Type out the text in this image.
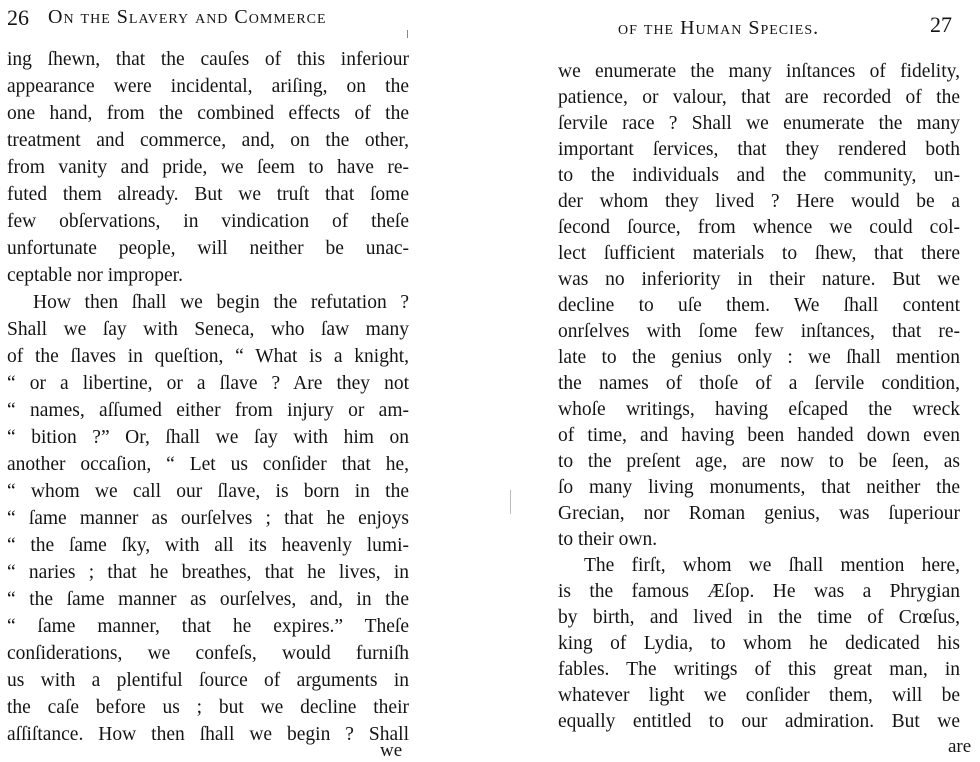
26 On the Slavery and Commerce
ing ſhewn, that the cauſes of this inferiour
appearance were incidental, ariſing, on the
one hand, from the combined effects of the
treatment and commerce, and, on the other,
from vanity and pride, we ſeem to have re-
futed them already. But we truſt that ſome
few obſervations, in vindication of theſe
unfortunate people, will neither be unac-
ceptable nor improper.
How then ſhall we begin the refutation ?
Shall we ſay with Seneca, who ſaw many
of the ſlaves in queſtion, “ What is a knight,
“ or a libertine, or a ſlave ? Are they not
“ names, aſſumed either from injury or am-
“ bition ?” Or, ſhall we ſay with him on
another occaſion, “ Let us conſider that he,
“ whom we call our ſlave, is born in the
“ ſame manner as ourſelves ; that he enjoys
“ the ſame ſky, with all its heavenly lumi-
“ naries ; that he breathes, that he lives, in
“ the ſame manner as ourſelves, and, in the
“ ſame manner, that he expires.” Theſe
conſiderations, we confeſs, would furniſh
us with a plentiful ſource of arguments in
the caſe before us ; but we decline their
aſſiſtance. How then ſhall we begin ? Shall
we
of the Human Species.	27
we enumerate the many inſtances of fidelity,
patience, or valour, that are recorded of the
ſervile race ? Shall we enumerate the many
important ſervices, that they rendered both
to the individuals and the community, un-
der whom they lived ? Here would be a
ſecond ſource, from whence we could col-
lect ſufficient materials to ſhew, that there
was no inferiority in their nature. But we
decline to uſe them. We ſhall content
onrſelves with ſome few inſtances, that re-
late to the genius only : we ſhall mention
the names of thoſe of a ſervile condition,
whoſe writings, having eſcaped the wreck
of time, and having been handed down even
to the preſent age, are now to be ſeen, as
ſo many living monuments, that neither the
Grecian, nor Roman genius, was ſuperiour
to their own.
The firſt, whom we ſhall mention here,
is the famous Æſop. He was a Phrygian
by birth, and lived in the time of Crœſus,
king of Lydia, to whom he dedicated his
fables. The writings of this great man, in
whatever light we conſider them, will be
equally entitled to our admiration. But we
are
